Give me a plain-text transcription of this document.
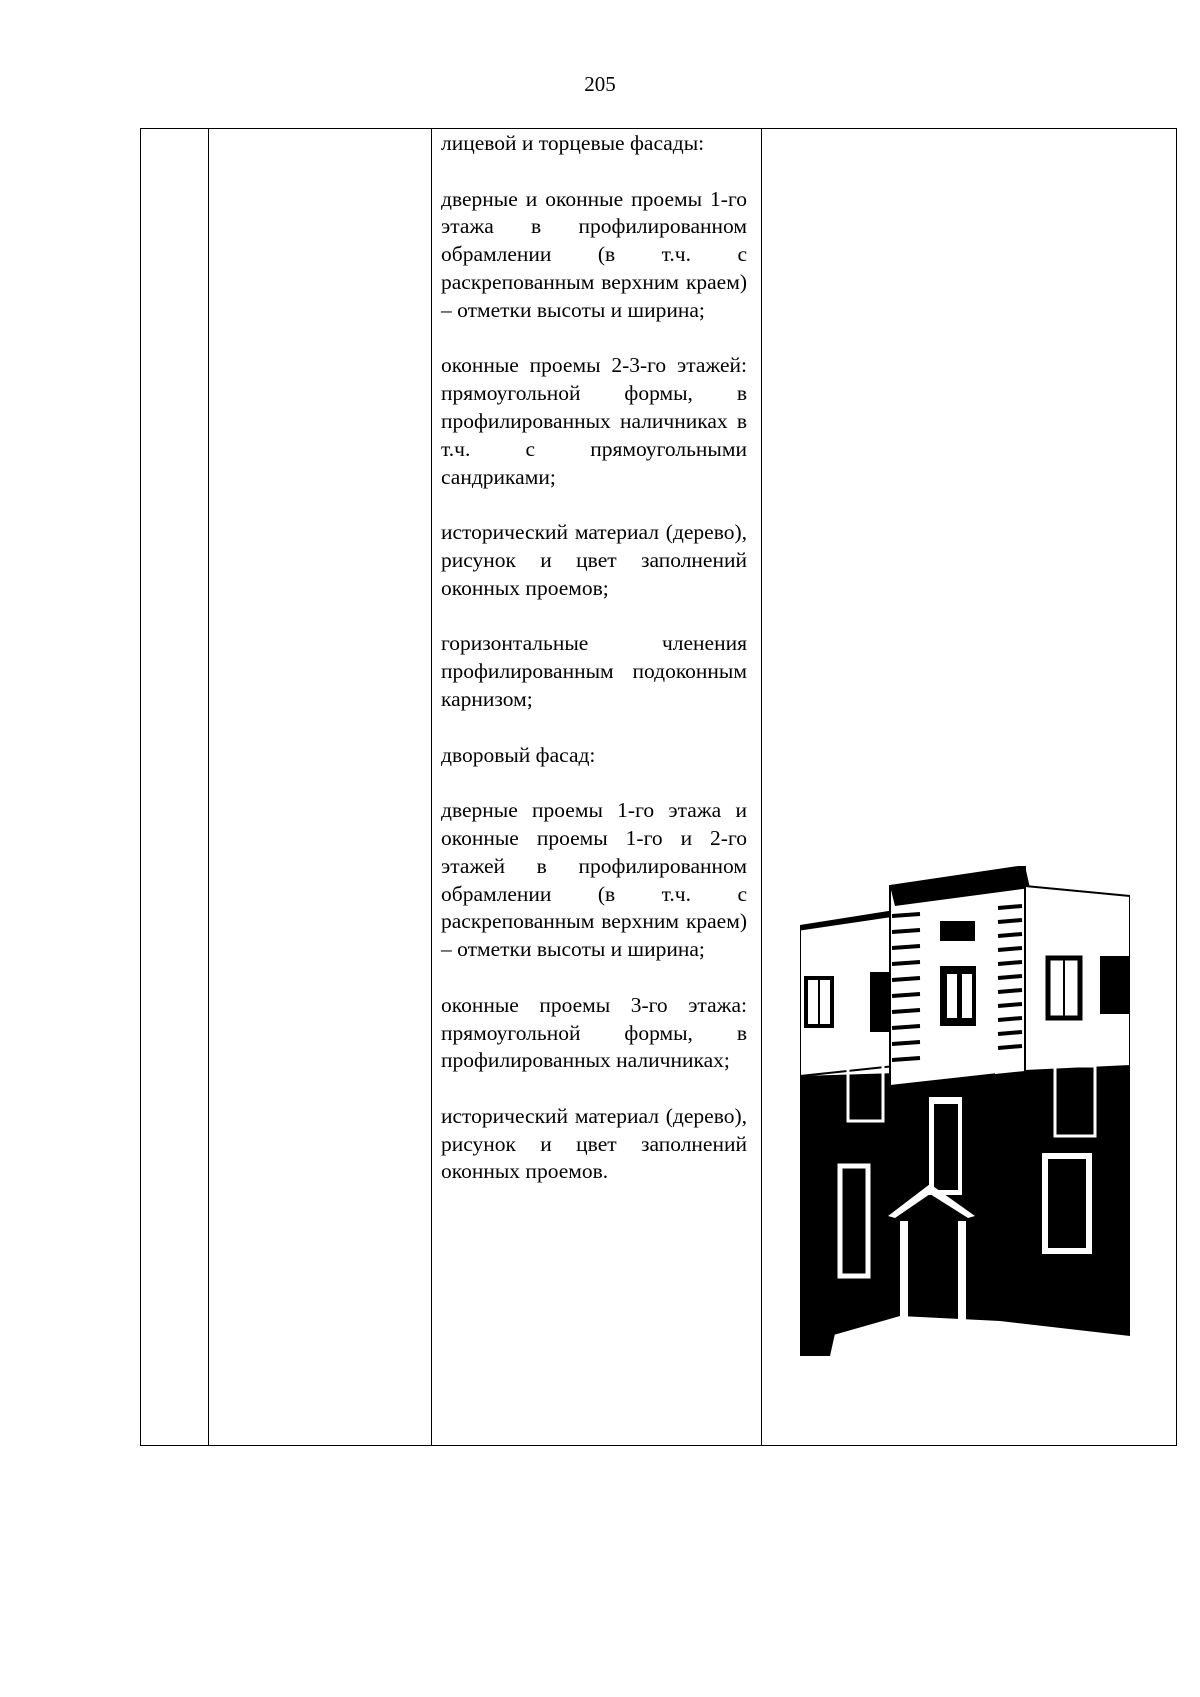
205

лицевой и торцевые фасады:

дверные и оконные проемы 1-го этажа в профилированном обрамлении (в т.ч. с раскрепованным верхним краем) – отметки высоты и ширина;

оконные проемы 2-3-го этажей: прямоугольной формы, в профилированных наличниках в т.ч. с прямоугольными сандриками;

исторический материал (дерево), рисунок и цвет заполнений оконных проемов;

горизонтальные членения профилированным подоконным карнизом;

дворовый фасад:

дверные проемы 1-го этажа и оконные проемы 1-го и 2-го этажей в профилированном обрамлении (в т.ч. с раскрепованным верхним краем) – отметки высоты и ширина;

оконные проемы 3-го этажа: прямоугольной формы, в профилированных наличниках;

исторический материал (дерево), рисунок и цвет заполнений оконных проемов.
